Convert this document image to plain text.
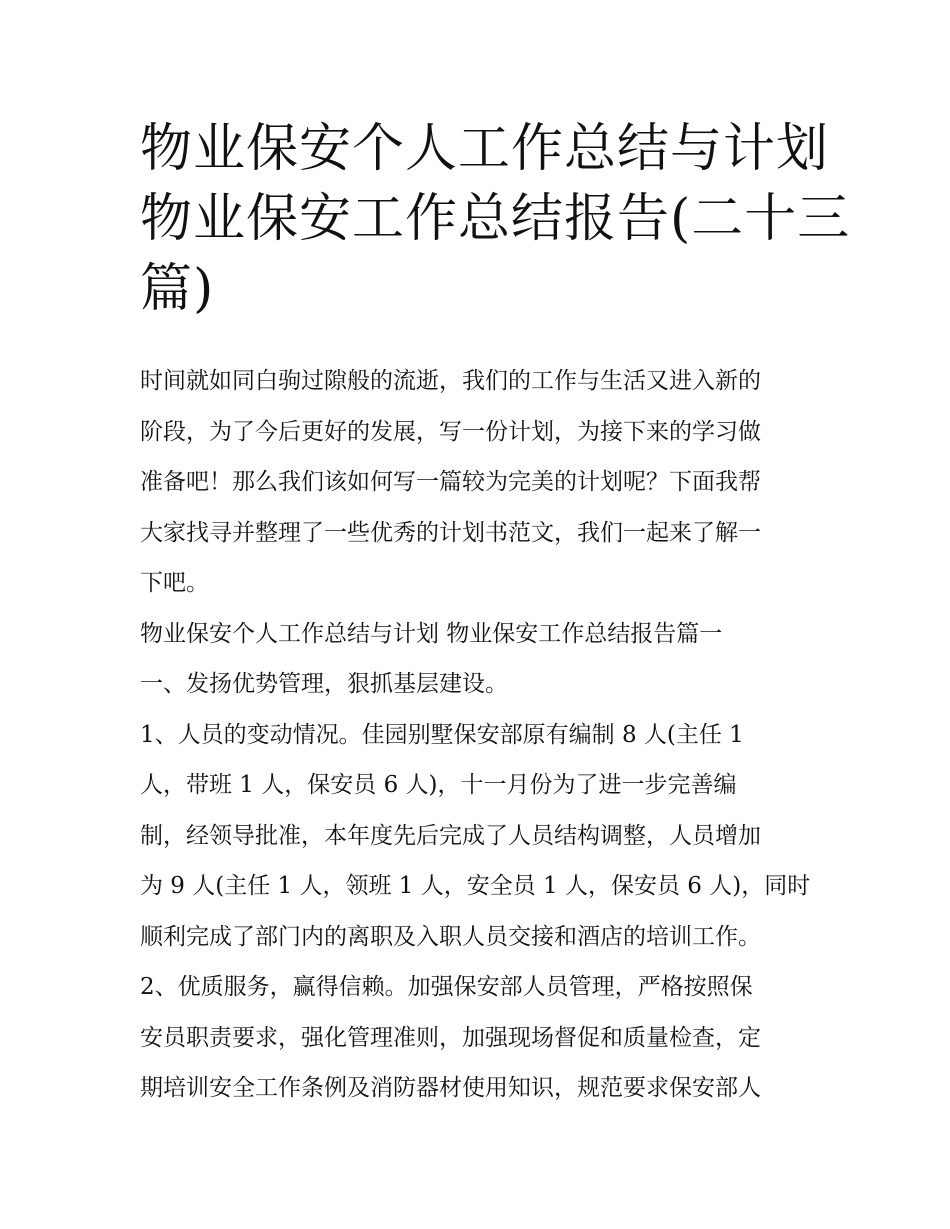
物业保安个人工作总结与计划
物业保安工作总结报告(二十三
篇)
时间就如同白驹过隙般的流逝，我们的工作与生活又进入新的
阶段，为了今后更好的发展，写一份计划，为接下来的学习做
准备吧！那么我们该如何写一篇较为完美的计划呢？下面我帮
大家找寻并整理了一些优秀的计划书范文，我们一起来了解一
下吧。
物业保安个人工作总结与计划 物业保安工作总结报告篇一
一、发扬优势管理，狠抓基层建设。
1、人员的变动情况。佳园别墅保安部原有编制 8 人(主任 1
人，带班 1 人，保安员 6 人)，十一月份为了进一步完善编
制，经领导批准，本年度先后完成了人员结构调整，人员增加
为 9 人(主任 1 人，领班 1 人，安全员 1 人，保安员 6 人)，同时
顺利完成了部门内的离职及入职人员交接和酒店的培训工作。
2、优质服务，赢得信赖。加强保安部人员管理，严格按照保
安员职责要求，强化管理准则，加强现场督促和质量检查，定
期培训安全工作条例及消防器材使用知识，规范要求保安部人
